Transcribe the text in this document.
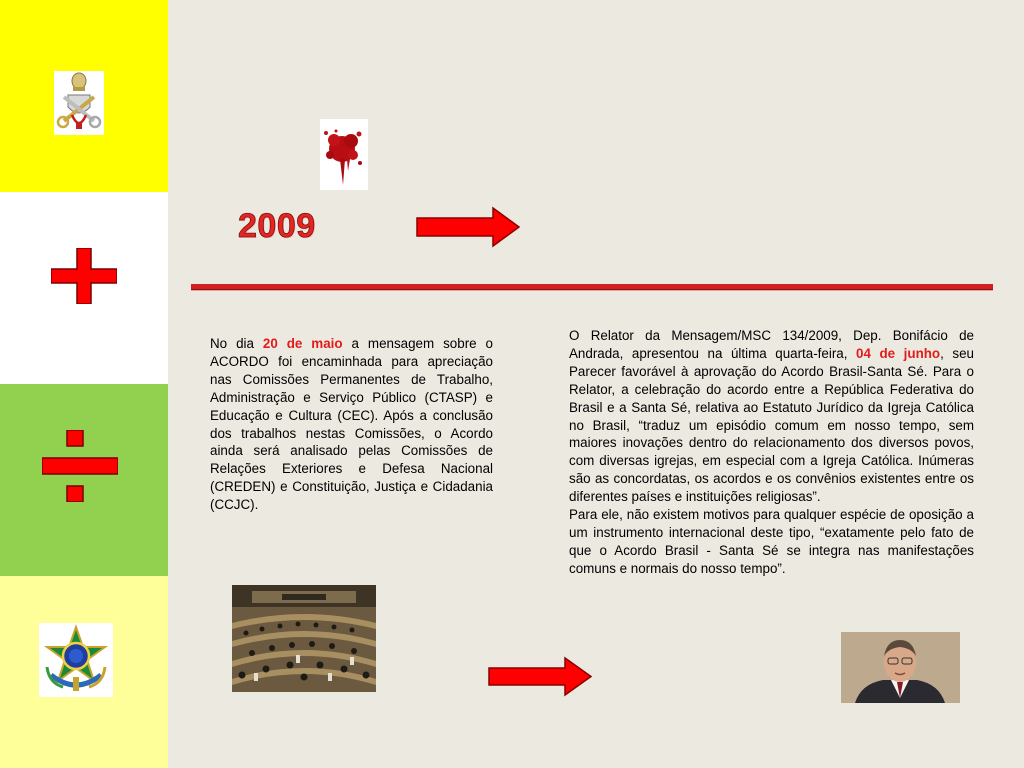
2009

No dia 20 de maio a mensagem sobre o ACORDO foi encaminhada para apreciação nas Comissões Permanentes de Trabalho, Administração e Serviço Público (CTASP) e Educação e Cultura (CEC). Após a conclusão dos trabalhos nestas Comissões, o Acordo ainda será analisado pelas Comissões de Relações Exteriores e Defesa Nacional (CREDEN) e Constituição, Justiça e Cidadania (CCJC).

O Relator da Mensagem/MSC 134/2009, Dep. Bonifácio de Andrada, apresentou na última quarta-feira, 04 de junho, seu Parecer favorável à aprovação do Acordo Brasil-Santa Sé. Para o Relator, a celebração do acordo entre a República Federativa do Brasil e a Santa Sé, relativa ao Estatuto Jurídico da Igreja Católica no Brasil, “traduz um episódio comum em nosso tempo, sem maiores inovações dentro do relacionamento dos diversos povos, com diversas igrejas, em especial com a Igreja Católica. Inúmeras são as concordatas, os acordos e os convênios existentes entre os diferentes países e instituições religiosas”.

Para ele, não existem motivos para qualquer espécie de oposição a um instrumento internacional deste tipo, “exatamente pelo fato de que o Acordo Brasil - Santa Sé se integra nas manifestações comuns e normais do nosso tempo”.
